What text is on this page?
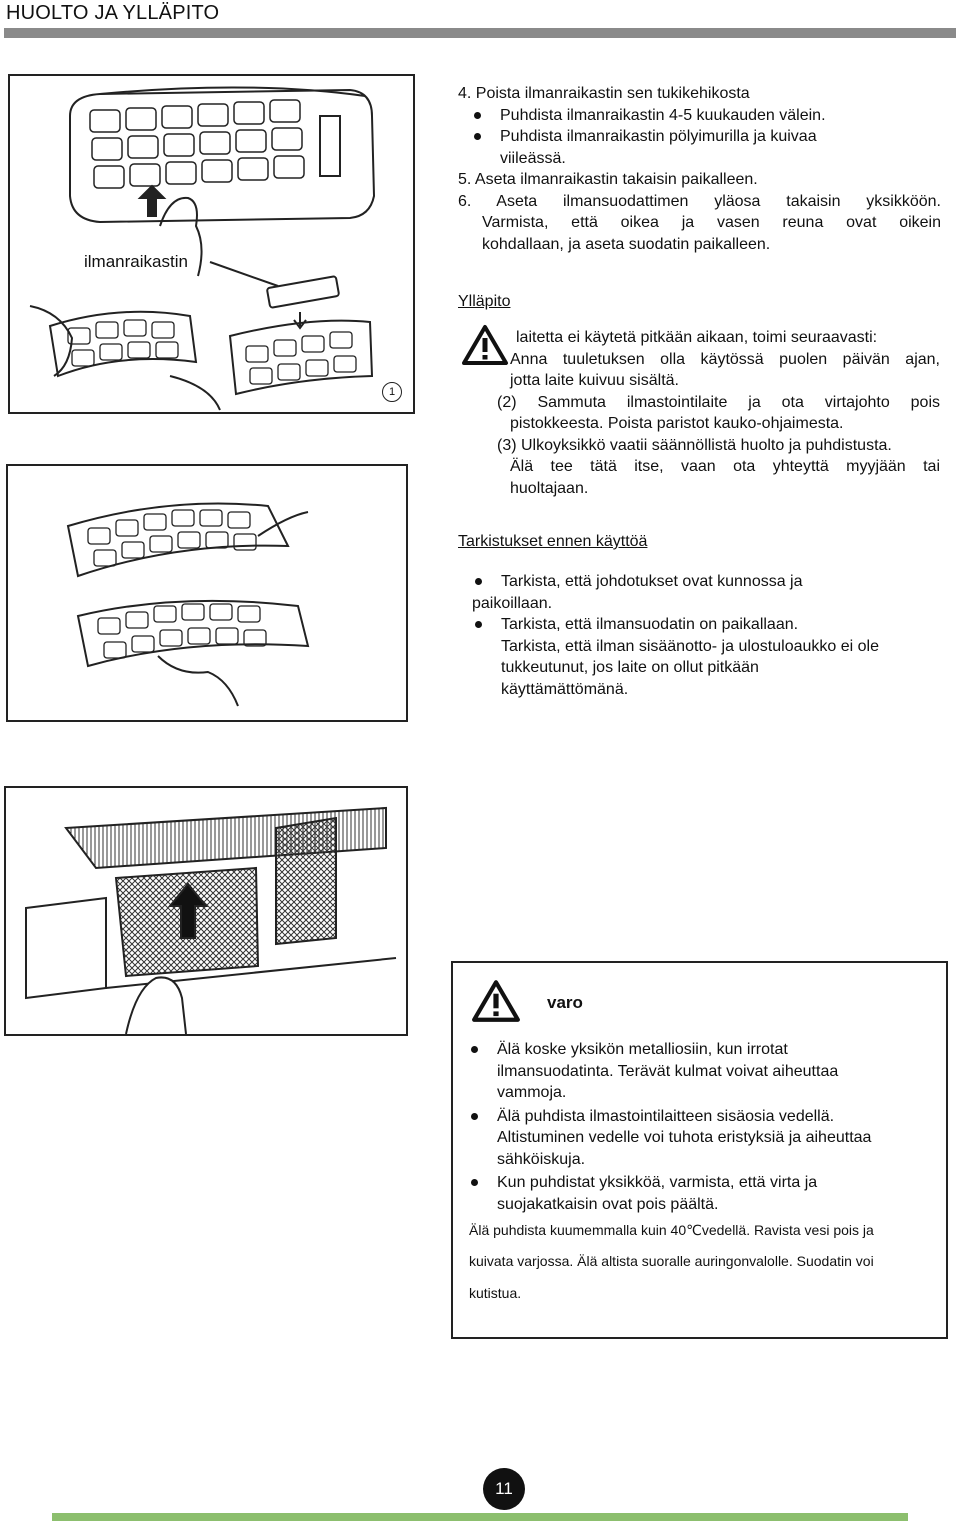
HUOLTO JA YLLÄPITO
ilmanraikastin
1
4. Poista ilmanraikastin sen tukikehikosta
Puhdista ilmanraikastin 4-5 kuukauden välein.
Puhdista ilmanraikastin pölyimurilla ja kuivaa
viileässä.
5. Aseta ilmanraikastin takaisin paikalleen.
6. Aseta ilmansuodattimen yläosa takaisin yksikköön.
Varmista, että oikea ja vasen reuna ovat oikein
kohdallaan, ja aseta suodatin paikalleen.
Ylläpito
laitetta ei käytetä pitkään aikaan, toimi seuraavasti:
Anna tuuletuksen olla käytössä puolen päivän ajan,
jotta laite kuivuu sisältä.
(2) Sammuta ilmastointilaite ja ota virtajohto pois
pistokkeesta. Poista paristot kauko-ohjaimesta.
(3) Ulkoyksikkö vaatii säännöllistä huolto ja puhdistusta.
Älä tee tätä itse, vaan ota yhteyttä myyjään tai
huoltajaan.
Tarkistukset ennen käyttöä
Tarkista, että johdotukset ovat kunnossa ja
paikoillaan.
Tarkista, että ilmansuodatin on paikallaan.
Tarkista, että ilman sisäänotto- ja ulostuloaukko ei ole
tukkeutunut, jos laite on ollut pitkään
käyttämättömänä.
varo
Älä koske yksikön metalliosiin, kun irrotat
ilmansuodatinta. Terävät kulmat voivat aiheuttaa
vammoja.
Älä puhdista ilmastointilaitteen sisäosia vedellä.
Altistuminen vedelle voi tuhota eristyksiä ja aiheuttaa
sähköiskuja.
Kun puhdistat yksikköä, varmista, että virta ja
suojakatkaisin ovat pois päältä.
Älä puhdista kuumemmalla kuin 40℃vedellä. Ravista vesi pois ja
kuivata varjossa. Älä altista suoralle auringonvalolle. Suodatin voi
kutistua.
11
